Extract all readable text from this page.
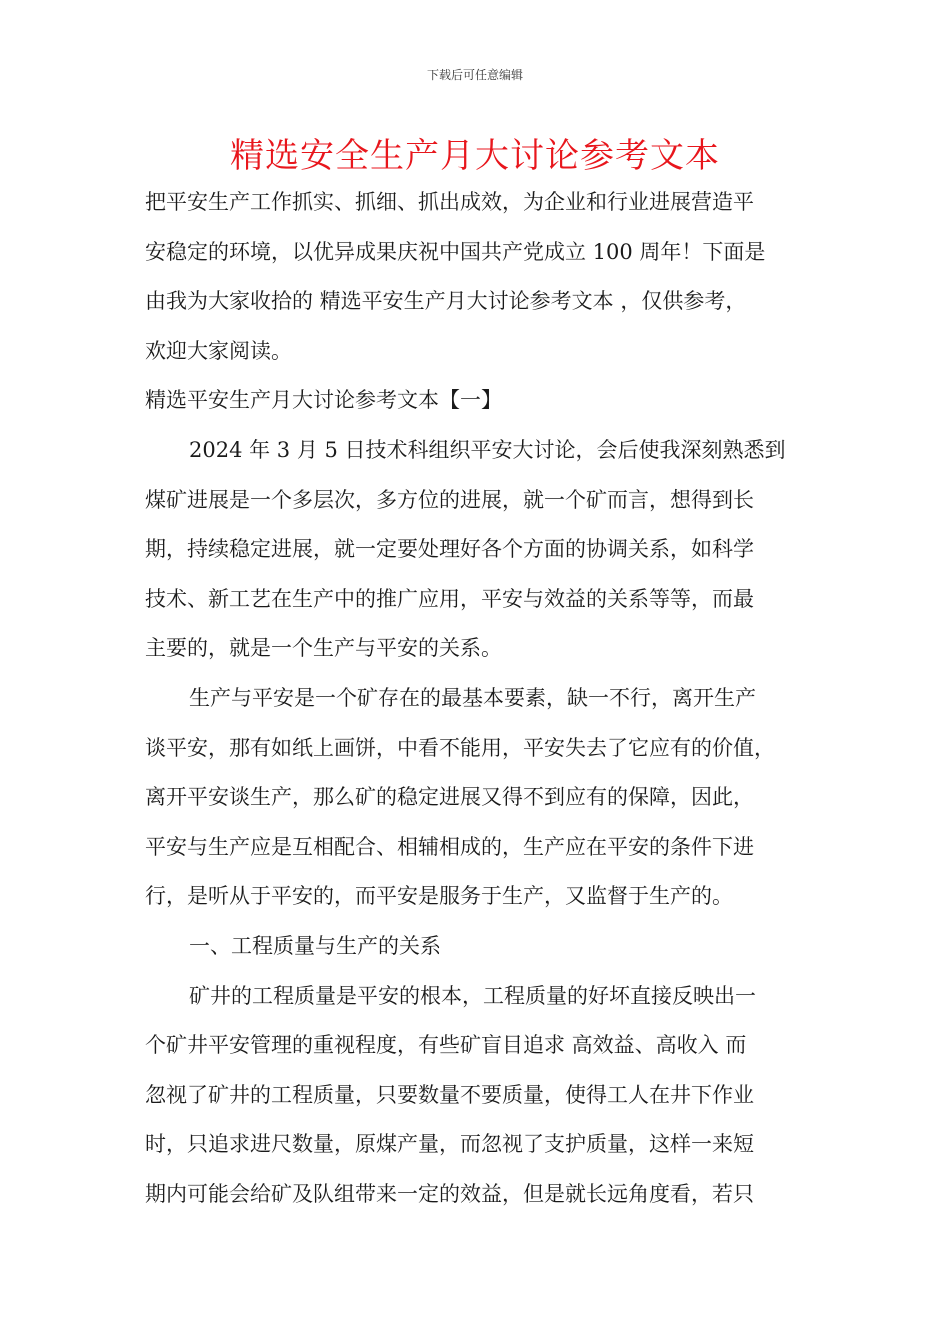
下载后可任意编辑
精选安全生产月大讨论参考文本
把平安生产工作抓实、抓细、抓出成效，为企业和行业进展营造平
安稳定的环境，以优异成果庆祝中国共产党成立 100 周年！下面是
由我为大家收拾的 精选平安生产月大讨论参考文本 ，仅供参考，
欢迎大家阅读。
精选平安生产月大讨论参考文本【一】
2024 年 3 月 5 日技术科组织平安大讨论，会后使我深刻熟悉到
煤矿进展是一个多层次，多方位的进展，就一个矿而言，想得到长
期，持续稳定进展，就一定要处理好各个方面的协调关系，如科学
技术、新工艺在生产中的推广应用，平安与效益的关系等等，而最
主要的，就是一个生产与平安的关系。
生产与平安是一个矿存在的最基本要素，缺一不行，离开生产
谈平安，那有如纸上画饼，中看不能用，平安失去了它应有的价值，
离开平安谈生产，那么矿的稳定进展又得不到应有的保障，因此，
平安与生产应是互相配合、相辅相成的，生产应在平安的条件下进
行，是听从于平安的，而平安是服务于生产，又监督于生产的。
一、工程质量与生产的关系
矿井的工程质量是平安的根本，工程质量的好坏直接反映出一
个矿井平安管理的重视程度，有些矿盲目追求 高效益、高收入 而
忽视了矿井的工程质量，只要数量不要质量，使得工人在井下作业
时，只追求进尺数量，原煤产量，而忽视了支护质量，这样一来短
期内可能会给矿及队组带来一定的效益，但是就长远角度看，若只
